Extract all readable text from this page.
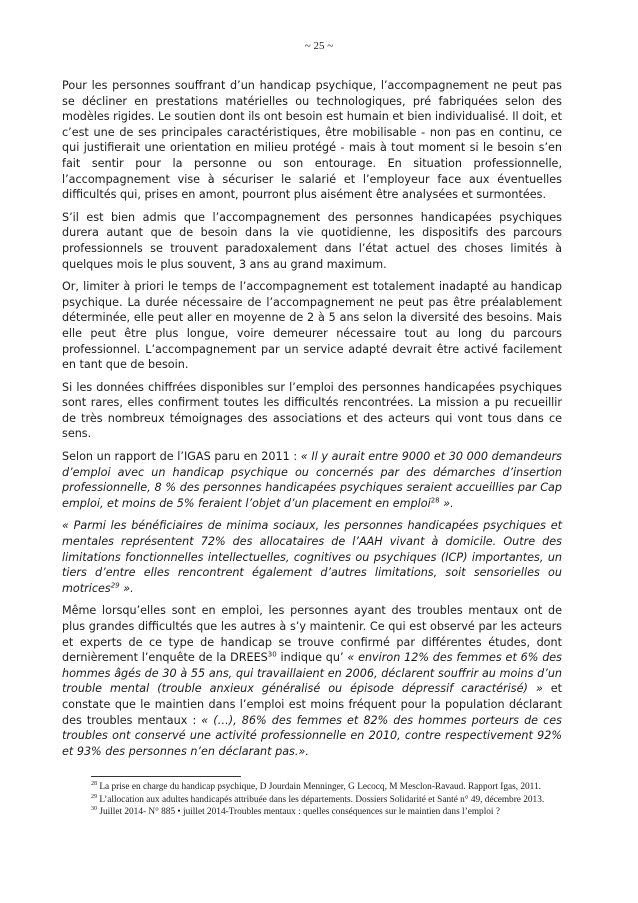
~ 25 ~

Pour les personnes souffrant d’un handicap psychique, l’accompagnement ne peut pas se décliner en prestations matérielles ou technologiques, pré fabriquées selon des modèles rigides. Le soutien dont ils ont besoin est humain et bien individualisé. Il doit, et c’est une de ses principales caractéristiques, être mobilisable - non pas en continu, ce qui justifierait une orientation en milieu protégé - mais à tout moment si le besoin s’en fait sentir pour la personne ou son entourage. En situation professionnelle, l’accompagnement vise à sécuriser le salarié et l’employeur face aux éventuelles difficultés qui, prises en amont, pourront plus aisément être analysées et surmontées.

S’il est bien admis que l’accompagnement des personnes handicapées psychiques durera autant que de besoin dans la vie quotidienne, les dispositifs des parcours professionnels se trouvent paradoxalement dans l’état actuel des choses limités à quelques mois le plus souvent, 3 ans au grand maximum.

Or, limiter à priori le temps de l’accompagnement est totalement inadapté au handicap psychique. La durée nécessaire de l’accompagnement ne peut pas être préalablement déterminée, elle peut aller en moyenne de 2 à 5 ans selon la diversité des besoins. Mais elle peut être plus longue, voire demeurer nécessaire tout au long du parcours professionnel. L’accompagnement par un service adapté devrait être activé facilement en tant que de besoin.

Si les données chiffrées disponibles sur l’emploi des personnes handicapées psychiques sont rares, elles confirment toutes les difficultés rencontrées. La mission a pu recueillir de très nombreux témoignages des associations et des acteurs qui vont tous dans ce sens.

Selon un rapport de l’IGAS paru en 2011 : « Il y aurait entre 9000 et 30 000 demandeurs d’emploi avec un handicap psychique ou concernés par des démarches d’insertion professionnelle, 8 % des personnes handicapées psychiques seraient accueillies par Cap emploi, et moins de 5% feraient l’objet d’un placement en emploi$^{28}$ ».

« Parmi les bénéficiaires de minima sociaux, les personnes handicapées psychiques et mentales représentent 72% des allocataires de l’AAH vivant à domicile. Outre des limitations fonctionnelles intellectuelles, cognitives ou psychiques (ICP) importantes, un tiers d’entre elles rencontrent également d’autres limitations, soit sensorielles ou motrices$^{29}$ ».

Même lorsqu’elles sont en emploi, les personnes ayant des troubles mentaux ont de plus grandes difficultés que les autres à s’y maintenir. Ce qui est observé par les acteurs et experts de ce type de handicap se trouve confirmé par différentes études, dont dernièrement l’enquête de la DREES$^{30}$ indique qu’ « environ 12% des femmes et 6% des hommes âgés de 30 à 55 ans, qui travaillaient en 2006, déclarent souffrir au moins d’un trouble mental (trouble anxieux généralisé ou épisode dépressif caractérisé) » et constate que le maintien dans l’emploi est moins fréquent pour la population déclarant des troubles mentaux : « (…), 86% des femmes et 82% des hommes porteurs de ces troubles ont conservé une activité professionnelle en 2010, contre respectivement 92% et 93% des personnes n’en déclarant pas.».

$^{28}$ La prise en charge du handicap psychique, D Jourdain Menninger, G Lecocq, M Mesclon-Ravaud. Rapport Igas, 2011.

$^{29}$ L’allocation aux adultes handicapés attribuée dans les départements. Dossiers Solidarité et Santé n° 49, décembre 2013.

$^{30}$ Juillet 2014- N° 885 • juillet 2014-Troubles mentaux : quelles conséquences sur le maintien dans l’emploi ?
